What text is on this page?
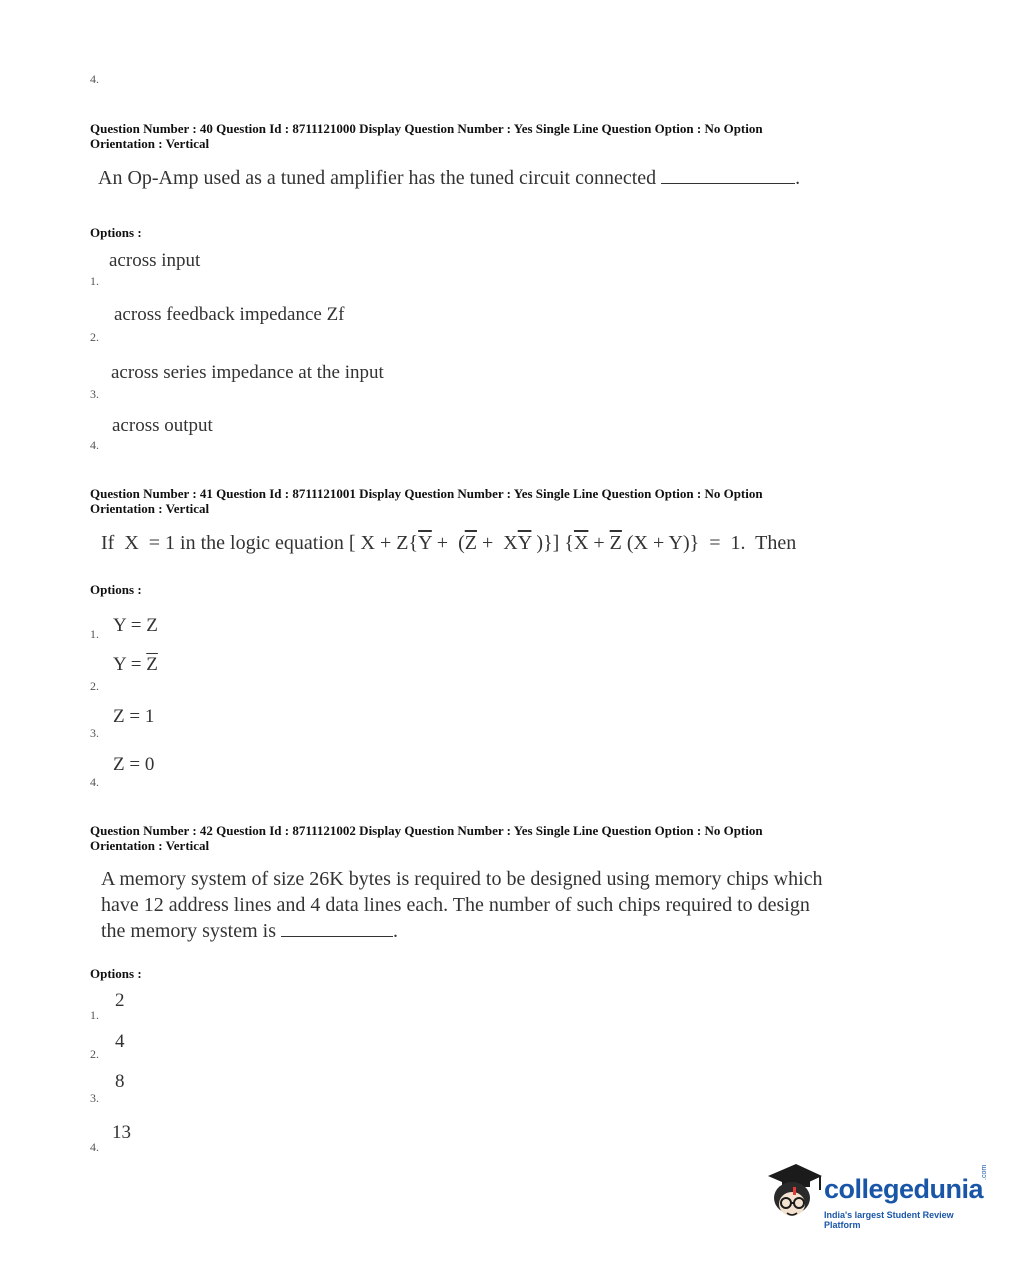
4.
Question Number : 40 Question Id : 8711121000 Display Question Number : Yes Single Line Question Option : No Option
Orientation : Vertical
An Op-Amp used as a tuned amplifier has the tuned circuit connected	.
Options :
across input
1.
across feedback impedance Zf
2.
across series impedance at the input
3.
across output
4.
Question Number : 41 Question Id : 8711121001 Display Question Number : Yes Single Line Question Option : No Option
Orientation : Vertical
If  X  = 1 in the logic equation [ $X + Z\{\overline{Y} + (\overline{Z} + X\overline{Y}$ )}] {$\overline{X} + \overline{Z}$ (X + Y)}  =  1.  Then
Options :
1. Y = Z
$Y = \overline{Z}$
2.
Z = 1
3.
Z = 0
4.
Question Number : 42 Question Id : 8711121002 Display Question Number : Yes Single Line Question Option : No Option
Orientation : Vertical
A memory system of size 26K bytes is required to be designed using memory chips which
have 12 address lines and 4 data lines each. The number of such chips required to design
the memory system is	.
Options :
2
1.
4
2.
8
3.
13
4.
collegedunia
.com
India's largest Student Review Platform
